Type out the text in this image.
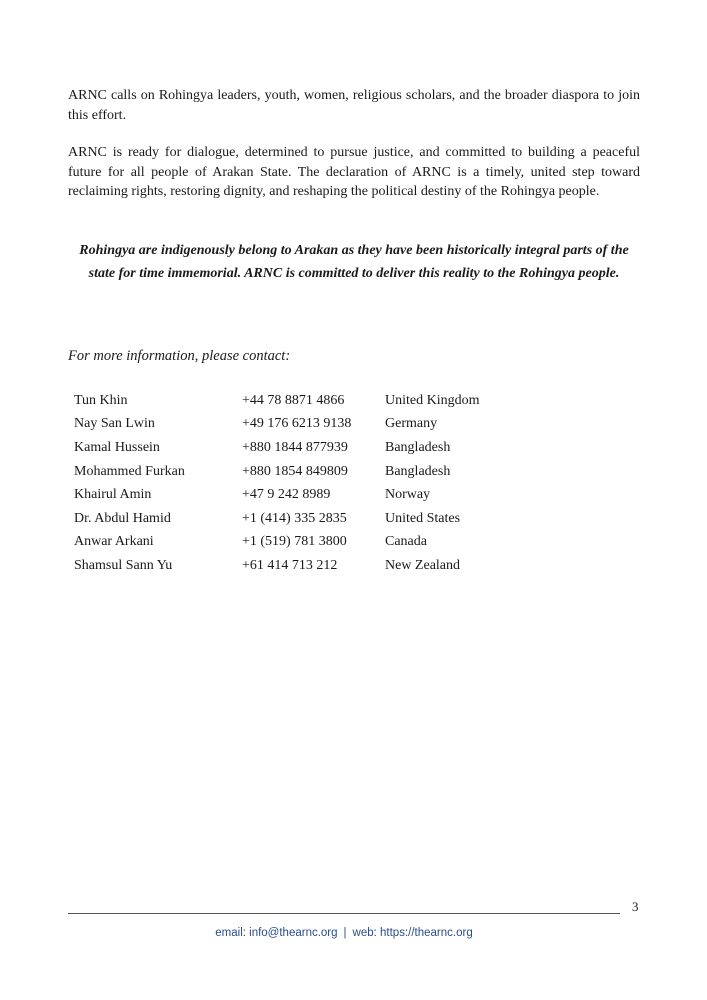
ARNC calls on Rohingya leaders, youth, women, religious scholars, and the broader diaspora to join this effort.

ARNC is ready for dialogue, determined to pursue justice, and committed to building a peaceful future for all people of Arakan State. The declaration of ARNC is a timely, united step toward reclaiming rights, restoring dignity, and reshaping the political destiny of the Rohingya people.

Rohingya are indigenously belong to Arakan as they have been historically integral parts of the state for time immemorial. ARNC is committed to deliver this reality to the Rohingya people.

For more information, please contact:

Tun Khin	+44 78 8871 4866	United Kingdom
Nay San Lwin	+49 176 6213 9138	Germany
Kamal Hussein	+880 1844 877939	Bangladesh
Mohammed Furkan	+880 1854 849809	Bangladesh
Khairul Amin	+47 9 242 8989	Norway
Dr. Abdul Hamid	+1 (414) 335 2835	United States
Anwar Arkani	+1 (519) 781 3800	Canada
Shamsul Sann Yu	+61 414 713 212	New Zealand
3
email: info@thearnc.org | web: https://thearnc.org
